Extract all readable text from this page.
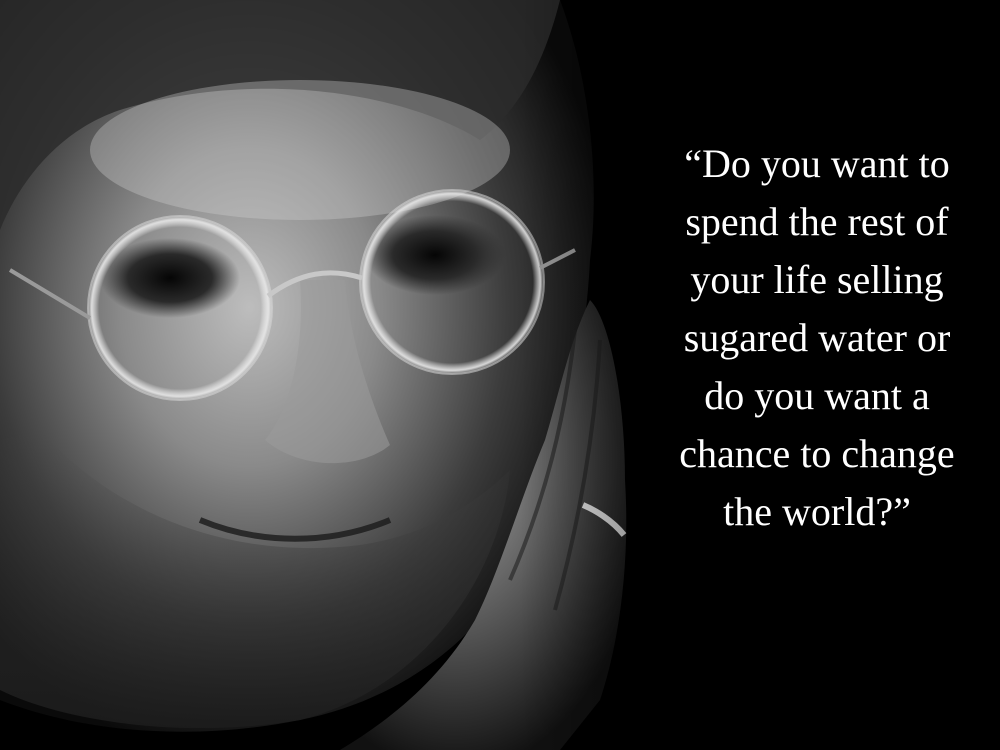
“Do you want to
spend the rest of
your life selling
sugared water or
do you want a
chance to change
the world?”
